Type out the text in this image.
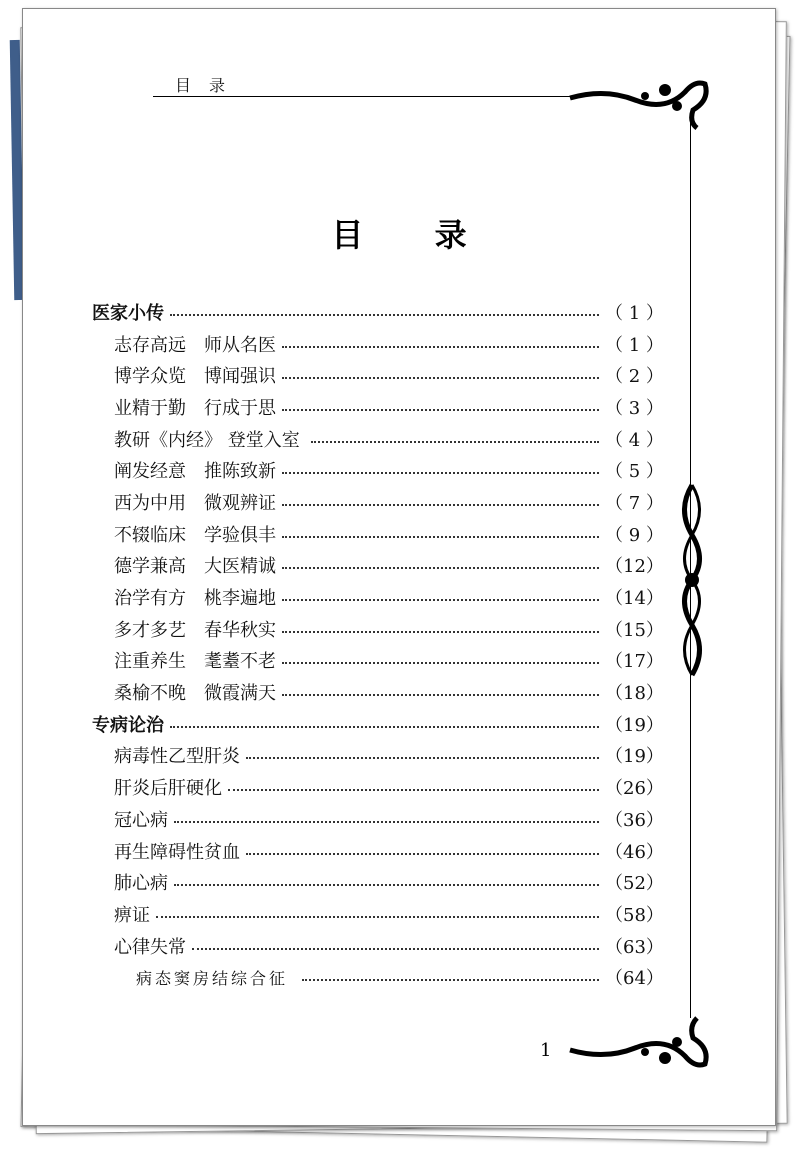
目录
目 录
医家小传	（ 1 ）
志存高远　师从名医	（ 1 ）
博学众览　博闻强识	（ 2 ）
业精于勤　行成于思	（ 3 ）
教研《内经》 登堂入室	（ 4 ）
阐发经意　推陈致新	（ 5 ）
西为中用　微观辨证	（ 7 ）
不辍临床　学验俱丰	（ 9 ）
德学兼高　大医精诚	（12）
治学有方　桃李遍地	（14）
多才多艺　春华秋实	（15）
注重养生　耄耋不老	（17）
桑榆不晚　微霞满天	（18）
专病论治	（19）
病毒性乙型肝炎	（19）
肝炎后肝硬化	（26）
冠心病	（36）
再生障碍性贫血	（46）
肺心病	（52）
痹证	（58）
心律失常	（63）
病态窦房结综合征	（64）
1
